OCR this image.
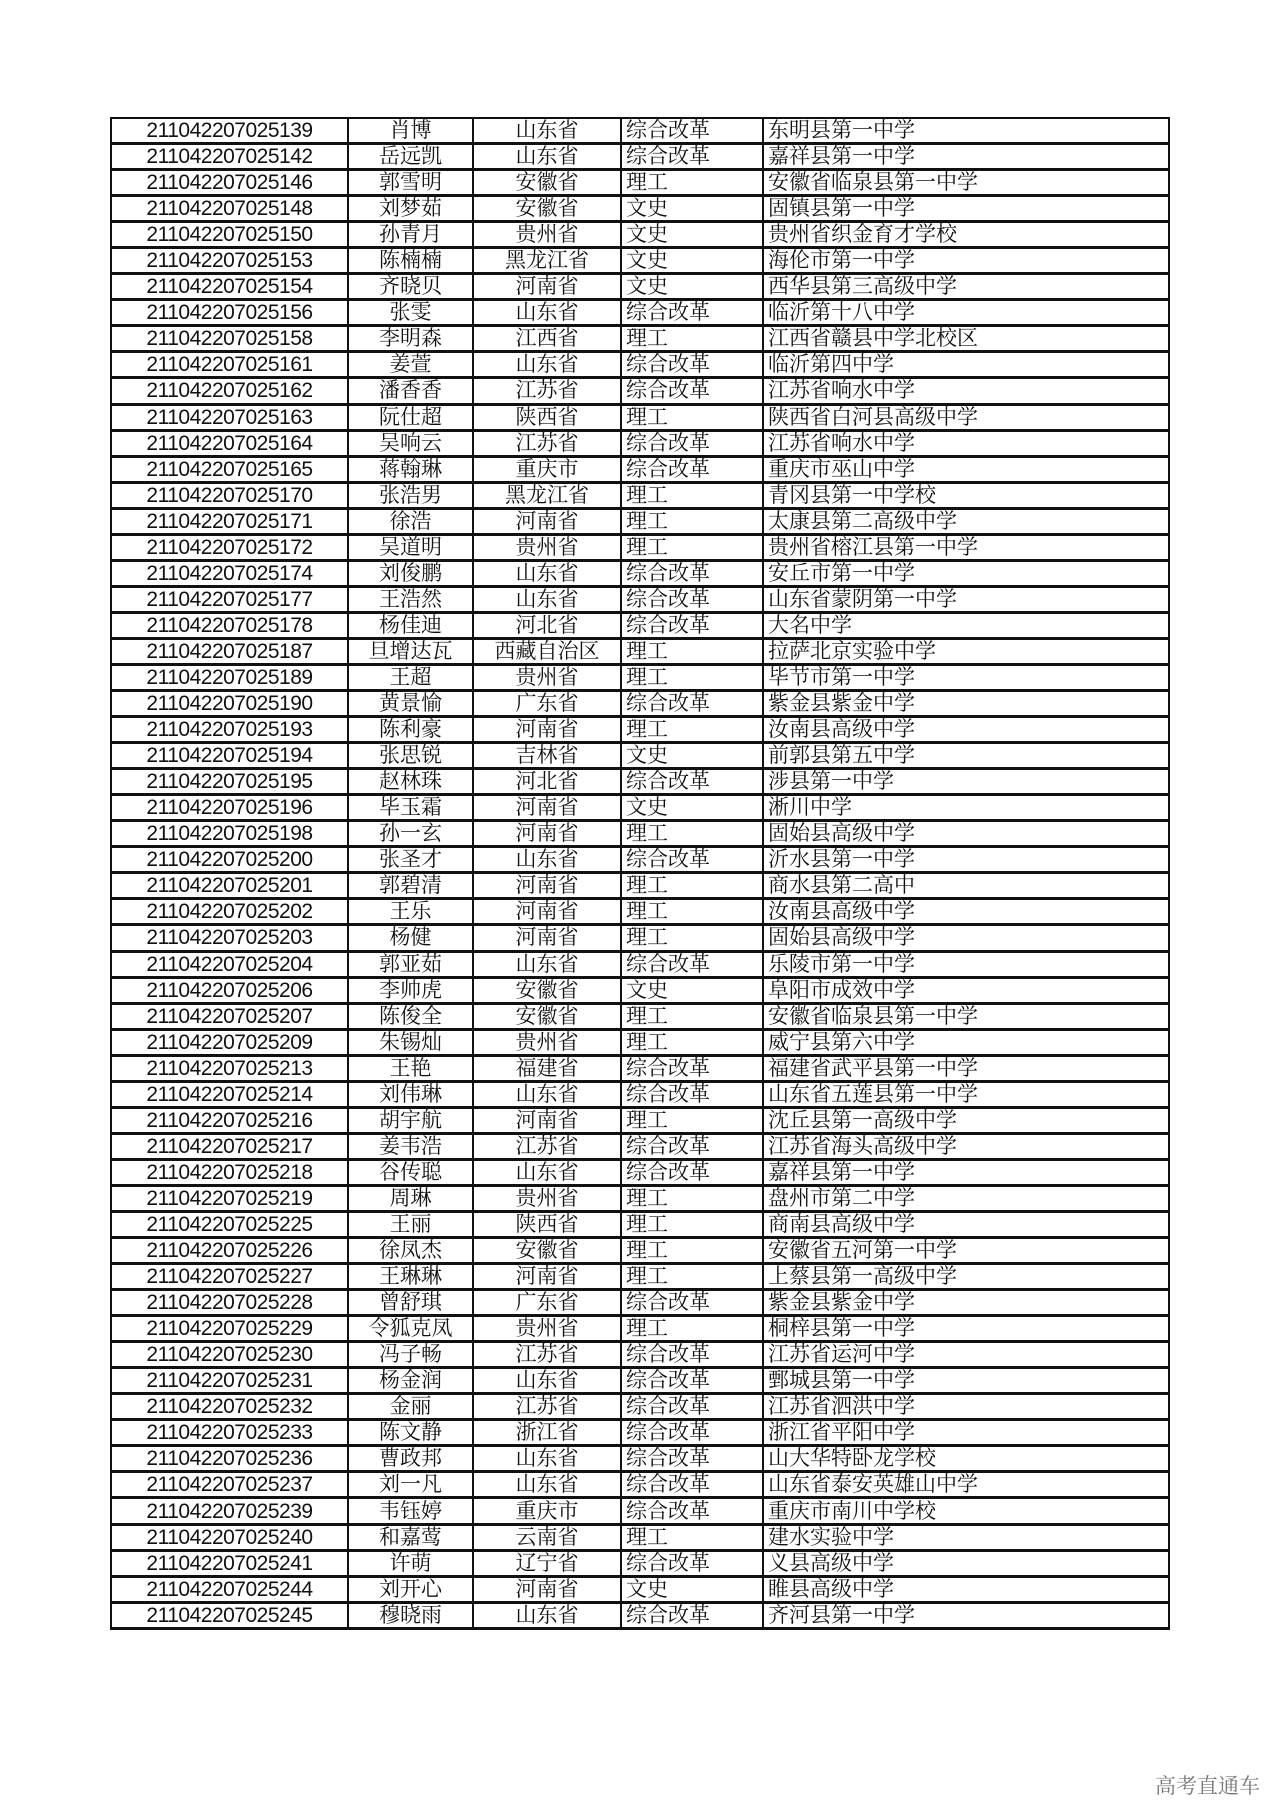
211042207025139	肖博	山东省	综合改革	东明县第一中学
211042207025142	岳远凯	山东省	综合改革	嘉祥县第一中学
211042207025146	郭雪明	安徽省	理工	安徽省临泉县第一中学
211042207025148	刘梦茹	安徽省	文史	固镇县第一中学
211042207025150	孙青月	贵州省	文史	贵州省织金育才学校
211042207025153	陈楠楠	黑龙江省	文史	海伦市第一中学
211042207025154	齐晓贝	河南省	文史	西华县第三高级中学
211042207025156	张雯	山东省	综合改革	临沂第十八中学
211042207025158	李明森	江西省	理工	江西省赣县中学北校区
211042207025161	姜萱	山东省	综合改革	临沂第四中学
211042207025162	潘香香	江苏省	综合改革	江苏省响水中学
211042207025163	阮仕超	陕西省	理工	陕西省白河县高级中学
211042207025164	吴响云	江苏省	综合改革	江苏省响水中学
211042207025165	蒋翰琳	重庆市	综合改革	重庆市巫山中学
211042207025170	张浩男	黑龙江省	理工	青冈县第一中学校
211042207025171	徐浩	河南省	理工	太康县第二高级中学
211042207025172	吴道明	贵州省	理工	贵州省榕江县第一中学
211042207025174	刘俊鹏	山东省	综合改革	安丘市第一中学
211042207025177	王浩然	山东省	综合改革	山东省蒙阴第一中学
211042207025178	杨佳迪	河北省	综合改革	大名中学
211042207025187	旦增达瓦	西藏自治区	理工	拉萨北京实验中学
211042207025189	王超	贵州省	理工	毕节市第一中学
211042207025190	黄景愉	广东省	综合改革	紫金县紫金中学
211042207025193	陈利豪	河南省	理工	汝南县高级中学
211042207025194	张思锐	吉林省	文史	前郭县第五中学
211042207025195	赵林珠	河北省	综合改革	涉县第一中学
211042207025196	毕玉霜	河南省	文史	淅川中学
211042207025198	孙一玄	河南省	理工	固始县高级中学
211042207025200	张圣才	山东省	综合改革	沂水县第一中学
211042207025201	郭碧清	河南省	理工	商水县第二高中
211042207025202	王乐	河南省	理工	汝南县高级中学
211042207025203	杨健	河南省	理工	固始县高级中学
211042207025204	郭亚茹	山东省	综合改革	乐陵市第一中学
211042207025206	李帅虎	安徽省	文史	阜阳市成效中学
211042207025207	陈俊全	安徽省	理工	安徽省临泉县第一中学
211042207025209	朱锡灿	贵州省	理工	威宁县第六中学
211042207025213	王艳	福建省	综合改革	福建省武平县第一中学
211042207025214	刘伟琳	山东省	综合改革	山东省五莲县第一中学
211042207025216	胡宇航	河南省	理工	沈丘县第一高级中学
211042207025217	姜韦浩	江苏省	综合改革	江苏省海头高级中学
211042207025218	谷传聪	山东省	综合改革	嘉祥县第一中学
211042207025219	周琳	贵州省	理工	盘州市第二中学
211042207025225	王丽	陕西省	理工	商南县高级中学
211042207025226	徐凤杰	安徽省	理工	安徽省五河第一中学
211042207025227	王琳琳	河南省	理工	上蔡县第一高级中学
211042207025228	曾舒琪	广东省	综合改革	紫金县紫金中学
211042207025229	令狐克凤	贵州省	理工	桐梓县第一中学
211042207025230	冯子畅	江苏省	综合改革	江苏省运河中学
211042207025231	杨金润	山东省	综合改革	鄄城县第一中学
211042207025232	金丽	江苏省	综合改革	江苏省泗洪中学
211042207025233	陈文静	浙江省	综合改革	浙江省平阳中学
211042207025236	曹政邦	山东省	综合改革	山大华特卧龙学校
211042207025237	刘一凡	山东省	综合改革	山东省泰安英雄山中学
211042207025239	韦钰婷	重庆市	综合改革	重庆市南川中学校
211042207025240	和嘉莺	云南省	理工	建水实验中学
211042207025241	许萌	辽宁省	综合改革	义县高级中学
211042207025244	刘开心	河南省	文史	睢县高级中学
211042207025245	穆晓雨	山东省	综合改革	齐河县第一中学
高考直通车
